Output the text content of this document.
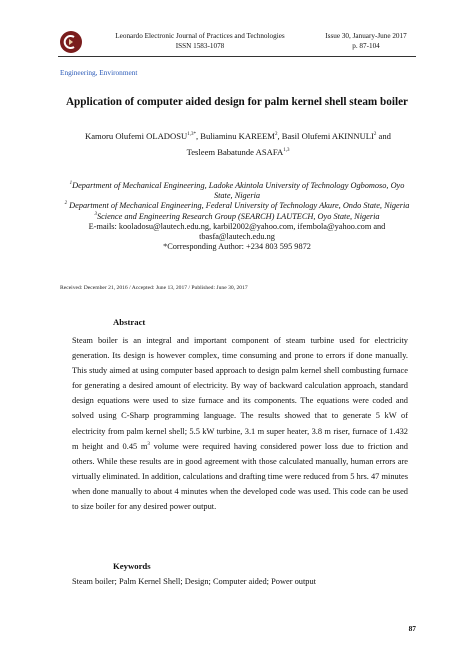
Leonardo Electronic Journal of Practices and Technologies
ISSN 1583-1078
Issue 30, January-June 2017
p. 87-104
Engineering, Environment
Application of computer aided design for palm kernel shell steam boiler
Kamoru Olufemi $OLADOSU^{1,3*}$, Buliaminu KAREEM$^2$, Basil Olufemi AKINNULI$^2$ and
Tesleem Babatunde ASAFA$^{1,3}$
$^1$Department of Mechanical Engineering, Ladoke Akintola University of Technology Ogbomoso, Oyo State, Nigeria
$^2$ Department of Mechanical Engineering, Federal University of Technology Akure, Ondo State, Nigeria
$^3$Science and Engineering Research Group (SEARCH) LAUTECH, Oyo State, Nigeria
E-mails: kooladosu@lautech.edu.ng, karbil2002@yahoo.com, ifembola@yahoo.com and tbasfa@lautech.edu.ng
*Corresponding Author: +234 803 595 9872
Received: December 21, 2016 / Accepted: June 13, 2017 / Published: June 30, 2017
Abstract
Steam boiler is an integral and important component of steam turbine used for electricity generation. Its design is however complex, time consuming and prone to errors if done manually. This study aimed at using computer based approach to design palm kernel shell combusting furnace for generating a desired amount of electricity. By way of backward calculation approach, standard design equations were used to size furnace and its components. The equations were coded and solved using C-Sharp programming language. The results showed that to generate 5 kW of electricity from palm kernel shell; 5.5 kW turbine, 3.1 m super heater, 3.8 m riser, furnace of 1.432 m height and 0.45 $m^3$ volume were required having considered power loss due to friction and others. While these results are in good agreement with those calculated manually, human errors are virtually eliminated. In addition, calculations and drafting time were reduced from 5 hrs. 47 minutes when done manually to about 4 minutes when the developed code was used. This code can be used to size boiler for any desired power output.
Keywords
Steam boiler; Palm Kernel Shell; Design; Computer aided; Power output
87
